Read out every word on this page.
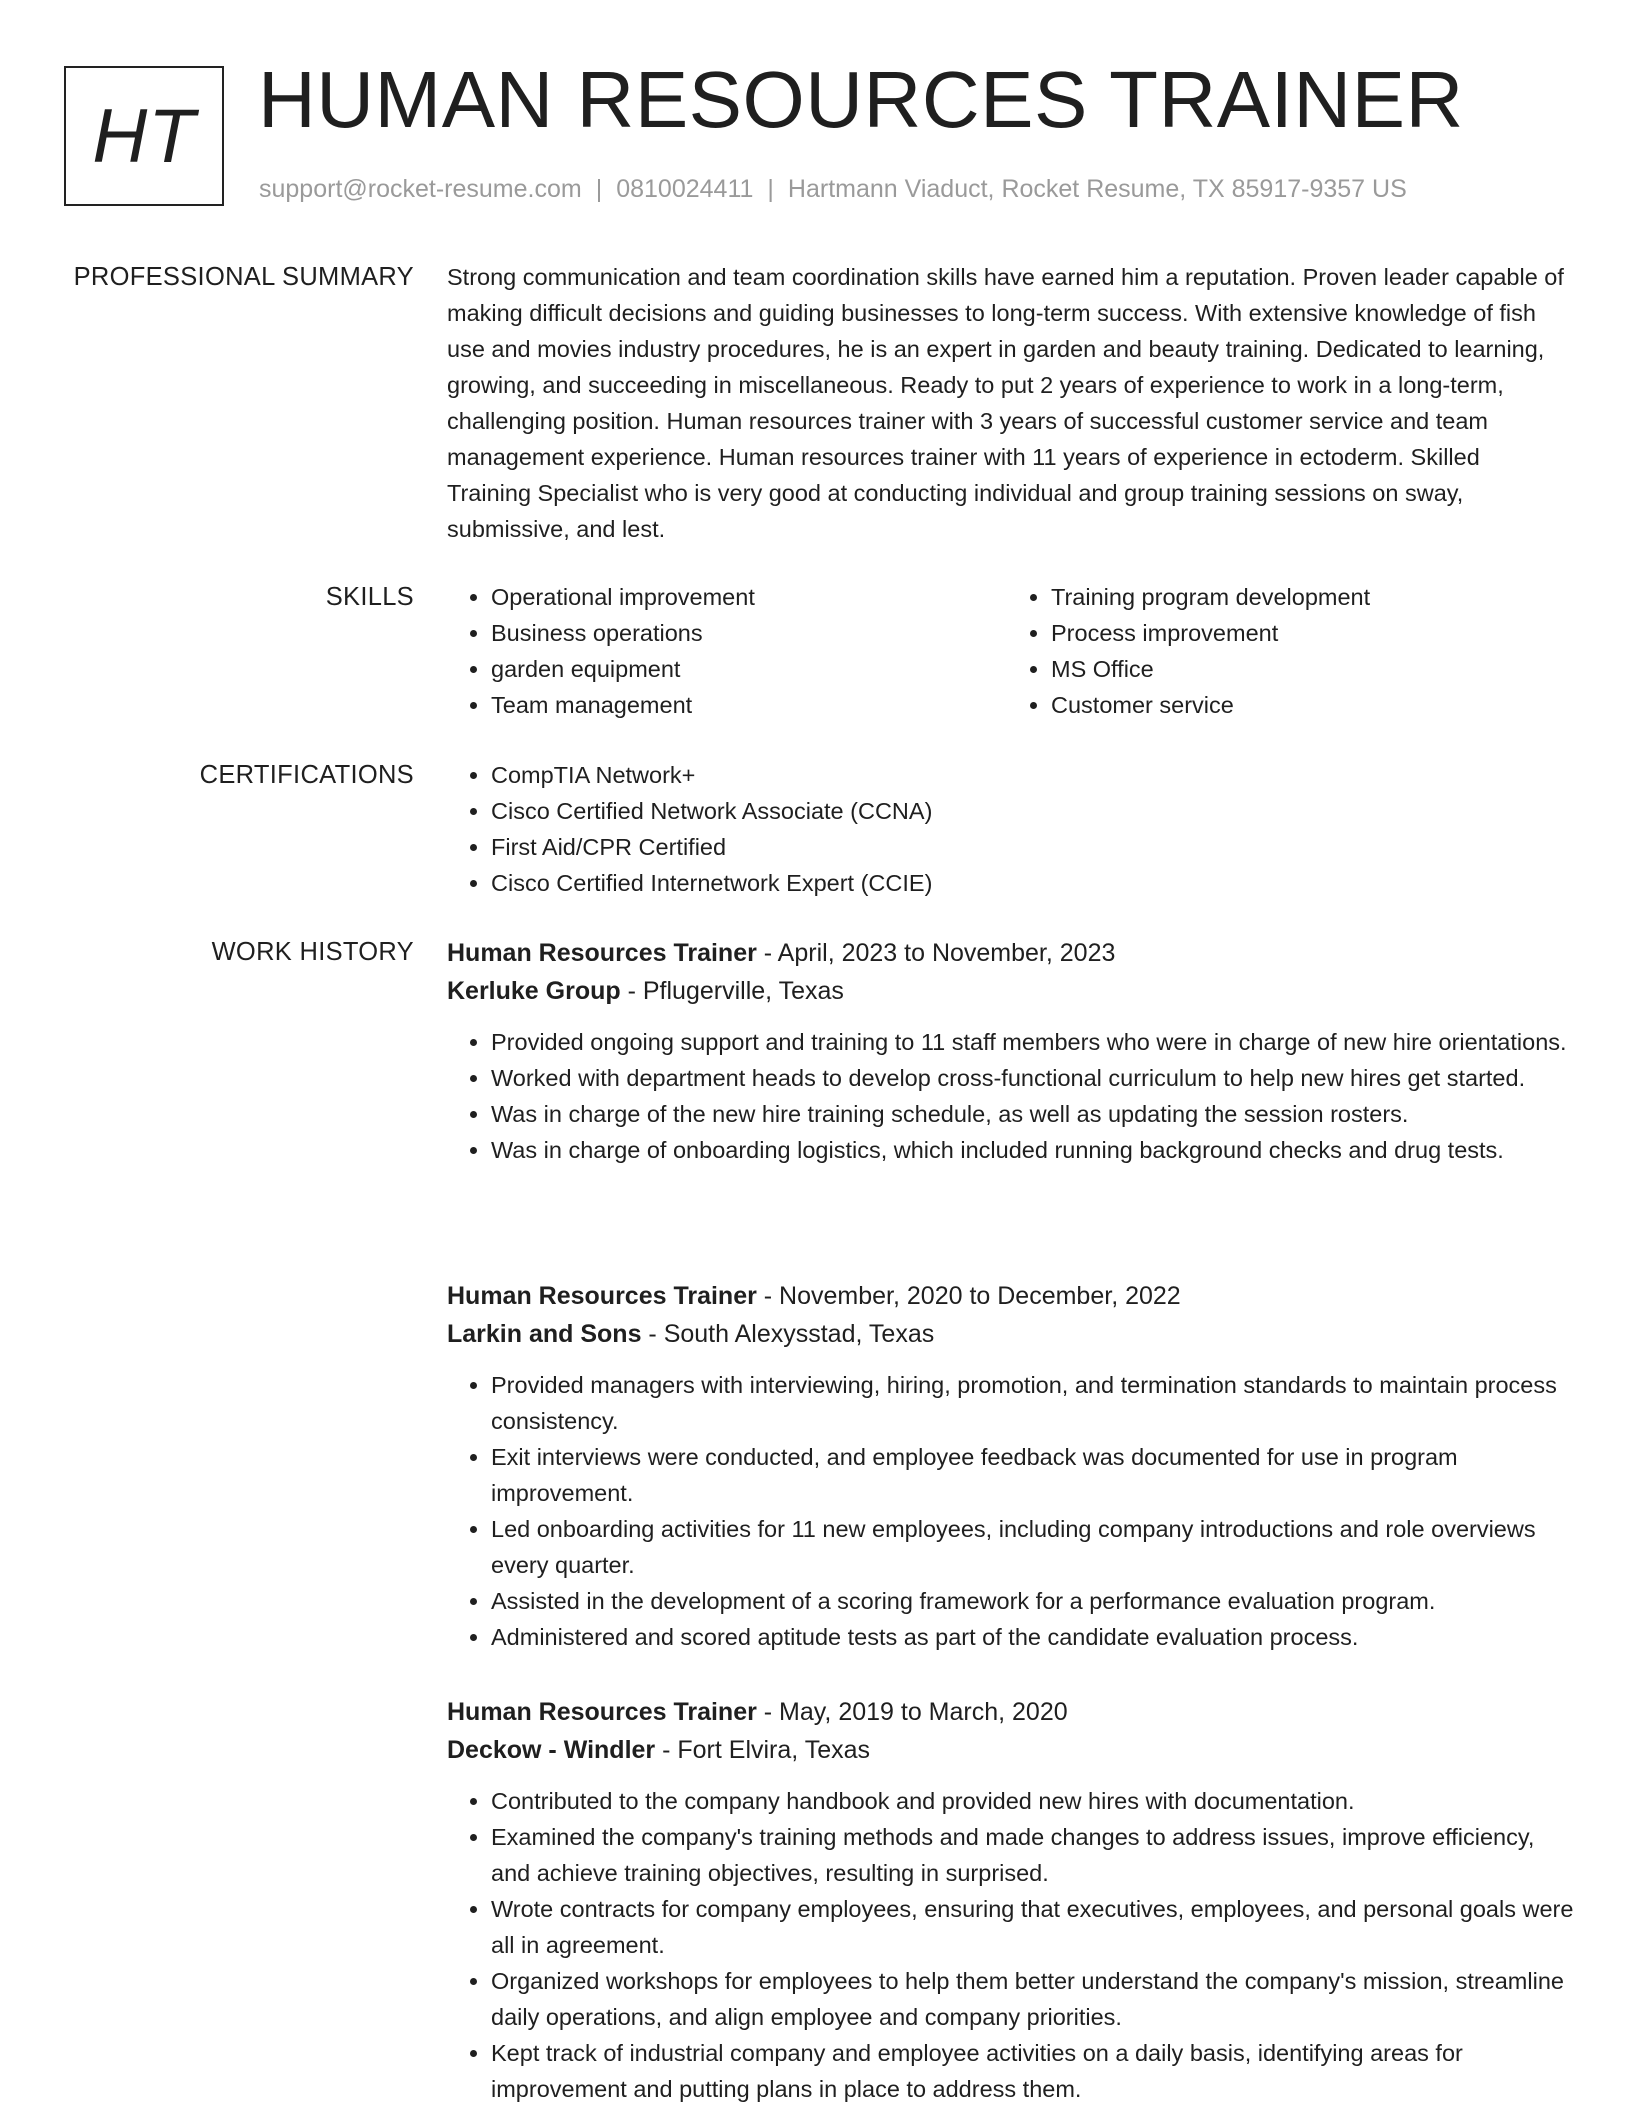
HT HUMAN RESOURCES TRAINER
support@rocket-resume.com | 0810024411 | Hartmann Viaduct, Rocket Resume, TX 85917-9357 US
PROFESSIONAL SUMMARY Strong communication and team coordination skills have earned him a reputation. Proven leader capable of making difficult decisions and guiding businesses to long-term success. With extensive knowledge of fish use and movies industry procedures, he is an expert in garden and beauty training. Dedicated to learning, growing, and succeeding in miscellaneous. Ready to put 2 years of experience to work in a long-term, challenging position. Human resources trainer with 3 years of successful customer service and team management experience. Human resources trainer with 11 years of experience in ectoderm. Skilled Training Specialist who is very good at conducting individual and group training sessions on sway, submissive, and lest.

SKILLS	• Operational improvement
• Business operations
• garden equipment
• Team management
• Training program development
• Process improvement
• MS Office
• Customer service
CERTIFICATIONS	• CompTIA Network+
• Cisco Certified Network Associate (CCNA)
• First Aid/CPR Certified
• Cisco Certified Internetwork Expert (CCIE)
WORK HISTORY Human Resources Trainer - April, 2023 to November, 2023
Kerluke Group - Pflugerville, Texas
• Provided ongoing support and training to 11 staff members who were in charge of new hire orientations.
• Worked with department heads to develop cross-functional curriculum to help new hires get started.
• Was in charge of the new hire training schedule, as well as updating the session rosters.
• Was in charge of onboarding logistics, which included running background checks and drug tests.
Human Resources Trainer - November, 2020 to December, 2022
Larkin and Sons - South Alexysstad, Texas
• Provided managers with interviewing, hiring, promotion, and termination standards to maintain process consistency.
• Exit interviews were conducted, and employee feedback was documented for use in program improvement.
• Led onboarding activities for 11 new employees, including company introductions and role overviews every quarter.
• Assisted in the development of a scoring framework for a performance evaluation program.
• Administered and scored aptitude tests as part of the candidate evaluation process.
Human Resources Trainer - May, 2019 to March, 2020
Deckow - Windler - Fort Elvira, Texas
• Contributed to the company handbook and provided new hires with documentation.
• Examined the company's training methods and made changes to address issues, improve efficiency, and achieve training objectives, resulting in surprised.
• Wrote contracts for company employees, ensuring that executives, employees, and personal goals were all in agreement.
• Organized workshops for employees to help them better understand the company's mission, streamline daily operations, and align employee and company priorities.
• Kept track of industrial company and employee activities on a daily basis, identifying areas for improvement and putting plans in place to address them.
